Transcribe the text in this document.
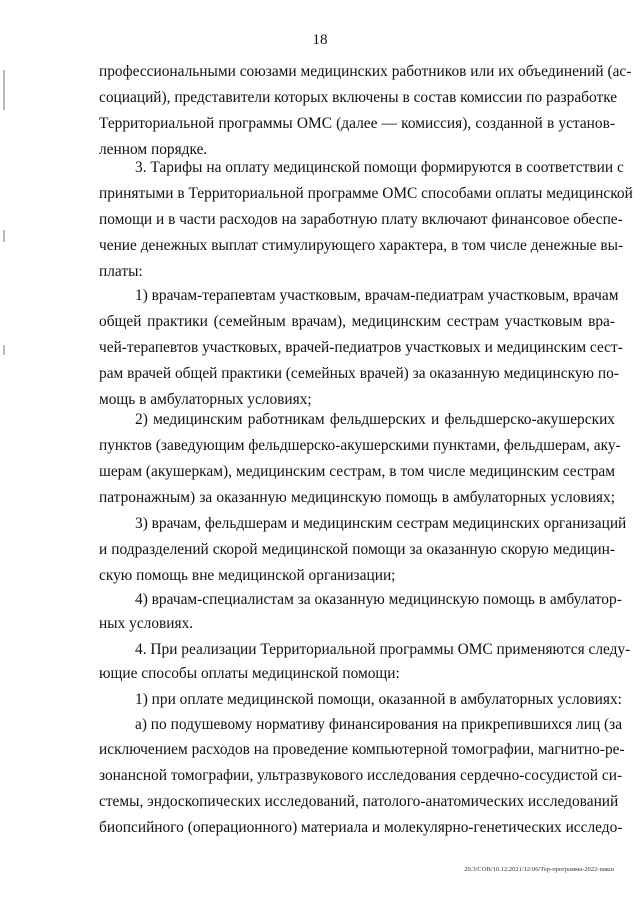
18
профессиональными союзами медицинских работников или их объединений (ас-
социаций), представители которых включены в состав комиссии по разработке
Территориальной программы ОМС (далее — комиссия), созданной в установ-
ленном порядке.
3. Тарифы на оплату медицинской помощи формируются в соответствии с
принятыми в Территориальной программе ОМС способами оплаты медицинской
помощи и в части расходов на заработную плату включают финансовое обеспе-
чение денежных выплат стимулирующего характера, в том числе денежные вы-
платы:
1) врачам-терапевтам участковым, врачам-педиатрам участковым, врачам
общей практики (семейным врачам), медицинским сестрам участковым вра-
чей-терапевтов участковых, врачей-педиатров участковых и медицинским сест-
рам врачей общей практики (семейных врачей) за оказанную медицинскую по-
мощь в амбулаторных условиях;
2) медицинским работникам фельдшерских и фельдшерско-акушерских
пунктов (заведующим фельдшерско-акушерскими пунктами, фельдшерам, аку-
шерам (акушеркам), медицинским сестрам, в том числе медицинским сестрам
патронажным) за оказанную медицинскую помощь в амбулаторных условиях;
3) врачам, фельдшерам и медицинским сестрам медицинских организаций
и подразделений скорой медицинской помощи за оказанную скорую медицин-
скую помощь вне медицинской организации;
4) врачам-специалистам за оказанную медицинскую помощь в амбулатор-
ных условиях.
4. При реализации Территориальной программы ОМС применяются следу-
ющие способы оплаты медицинской помощи:
1) при оплате медицинской помощи, оказанной в амбулаторных условиях:
а) по подушевому нормативу финансирования на прикрепившихся лиц (за
исключением расходов на проведение компьютерной томографии, магнитно-ре-
зонансной томографии, ультразвукового исследования сердечно-сосудистой си-
стемы, эндоскопических исследований, патолого-анатомических исследований
биопсийного (операционного) материала и молекулярно-генетических исследо-
20.3/СОВ/10.12.2021/12:06/Тер-программа-2022-пакш
